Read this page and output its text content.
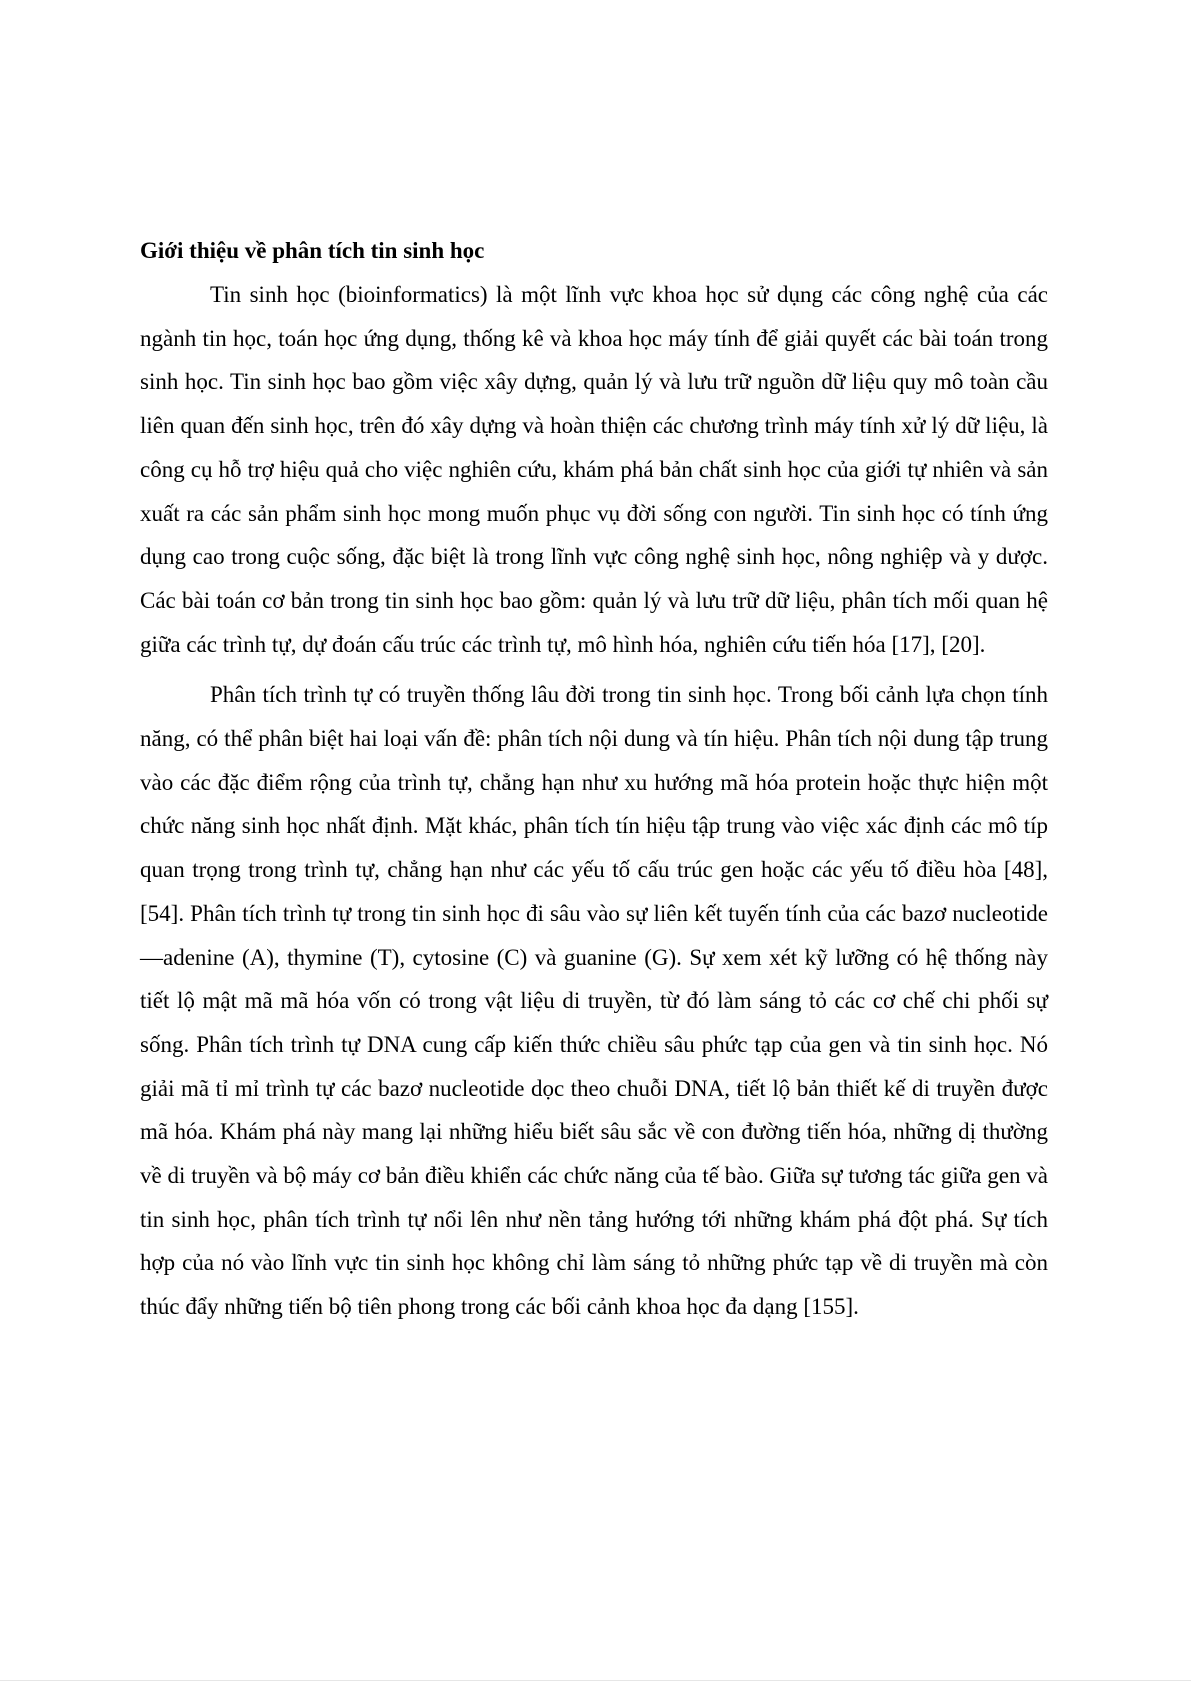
Giới thiệu về phân tích tin sinh học

Tin sinh học (bioinformatics) là một lĩnh vực khoa học sử dụng các công nghệ của các ngành tin học, toán học ứng dụng, thống kê và khoa học máy tính để giải quyết các bài toán trong sinh học. Tin sinh học bao gồm việc xây dựng, quản lý và lưu trữ nguồn dữ liệu quy mô toàn cầu liên quan đến sinh học, trên đó xây dựng và hoàn thiện các chương trình máy tính xử lý dữ liệu, là công cụ hỗ trợ hiệu quả cho việc nghiên cứu, khám phá bản chất sinh học của giới tự nhiên và sản xuất ra các sản phẩm sinh học mong muốn phục vụ đời sống con người. Tin sinh học có tính ứng dụng cao trong cuộc sống, đặc biệt là trong lĩnh vực công nghệ sinh học, nông nghiệp và y dược. Các bài toán cơ bản trong tin sinh học bao gồm: quản lý và lưu trữ dữ liệu, phân tích mối quan hệ giữa các trình tự, dự đoán cấu trúc các trình tự, mô hình hóa, nghiên cứu tiến hóa [17], [20].

Phân tích trình tự có truyền thống lâu đời trong tin sinh học. Trong bối cảnh lựa chọn tính năng, có thể phân biệt hai loại vấn đề: phân tích nội dung và tín hiệu. Phân tích nội dung tập trung vào các đặc điểm rộng của trình tự, chẳng hạn như xu hướng mã hóa protein hoặc thực hiện một chức năng sinh học nhất định. Mặt khác, phân tích tín hiệu tập trung vào việc xác định các mô típ quan trọng trong trình tự, chẳng hạn như các yếu tố cấu trúc gen hoặc các yếu tố điều hòa [48], [54]. Phân tích trình tự trong tin sinh học đi sâu vào sự liên kết tuyến tính của các bazơ nucleotide—adenine (A), thymine (T), cytosine (C) và guanine (G). Sự xem xét kỹ lưỡng có hệ thống này tiết lộ mật mã mã hóa vốn có trong vật liệu di truyền, từ đó làm sáng tỏ các cơ chế chi phối sự sống. Phân tích trình tự DNA cung cấp kiến thức chiều sâu phức tạp của gen và tin sinh học. Nó giải mã tỉ mỉ trình tự các bazơ nucleotide dọc theo chuỗi DNA, tiết lộ bản thiết kế di truyền được mã hóa. Khám phá này mang lại những hiểu biết sâu sắc về con đường tiến hóa, những dị thường về di truyền và bộ máy cơ bản điều khiển các chức năng của tế bào. Giữa sự tương tác giữa gen và tin sinh học, phân tích trình tự nổi lên như nền tảng hướng tới những khám phá đột phá. Sự tích hợp của nó vào lĩnh vực tin sinh học không chỉ làm sáng tỏ những phức tạp về di truyền mà còn thúc đẩy những tiến bộ tiên phong trong các bối cảnh khoa học đa dạng [155].
